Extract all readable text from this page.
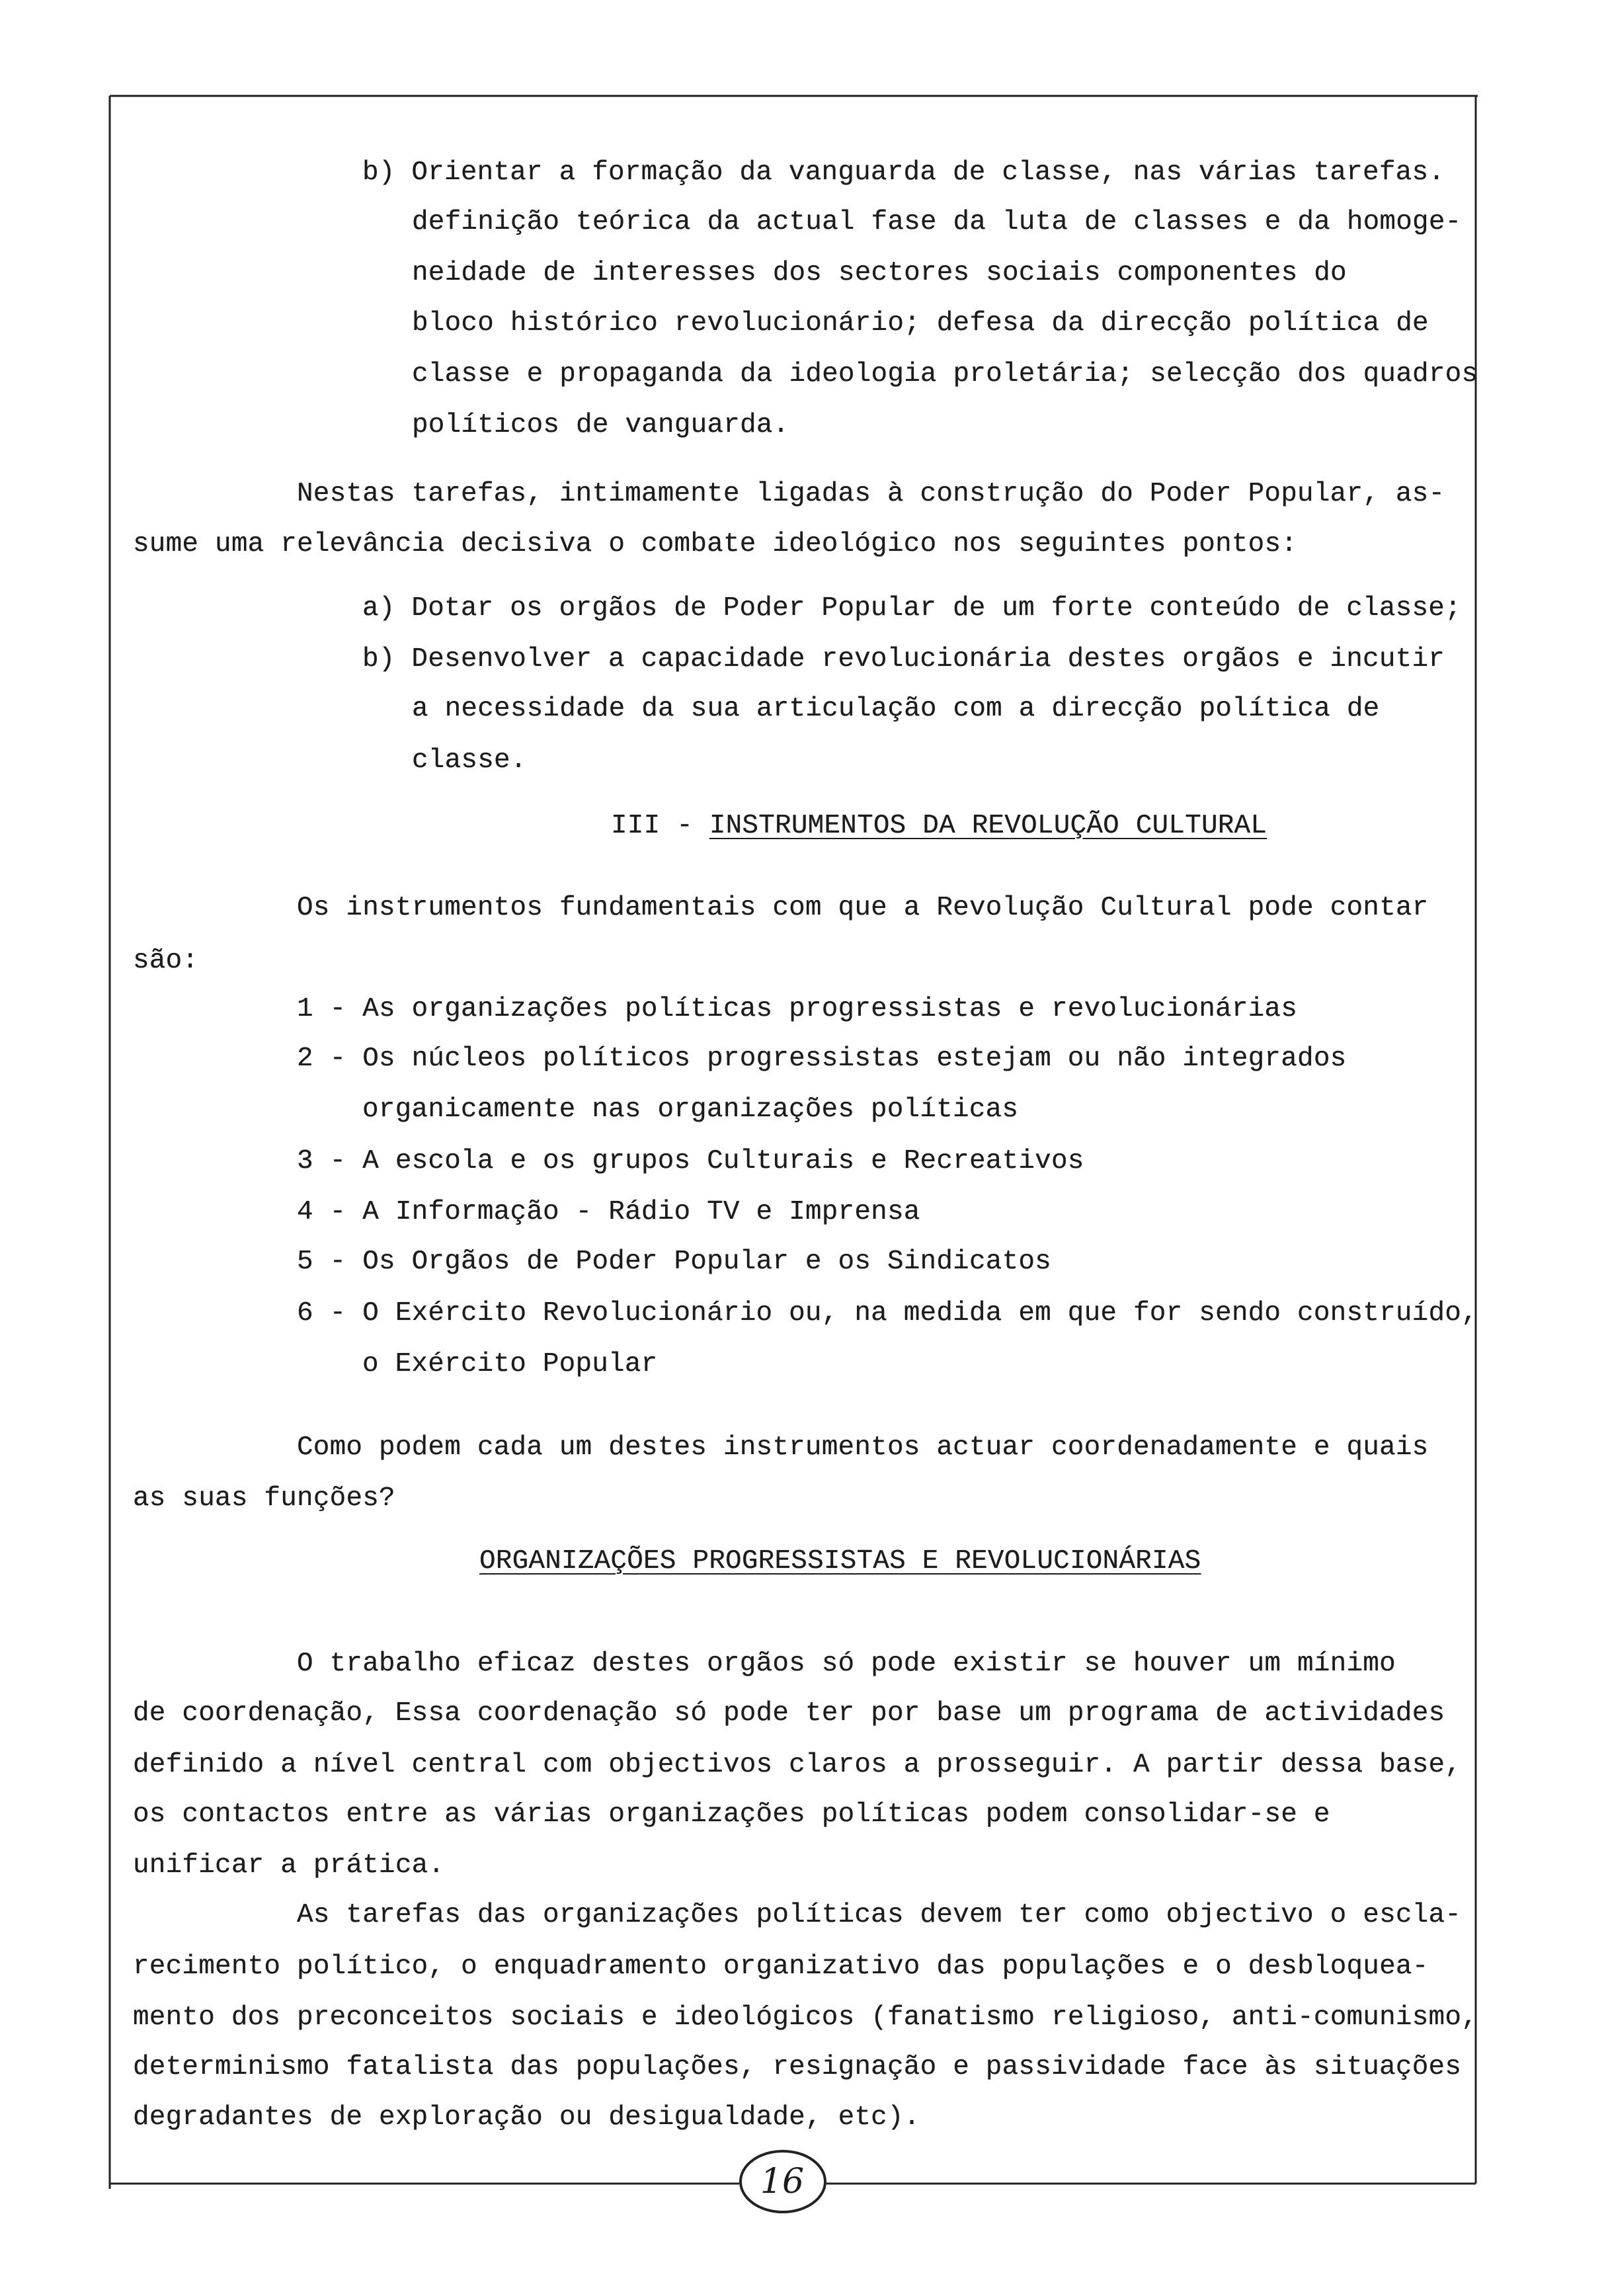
b) Orientar a formação da vanguarda de classe, nas várias tarefas.
definição teórica da actual fase da luta de classes e da homoge-
neidade de interesses dos sectores sociais componentes do
bloco histórico revolucionário; defesa da direcção política de
classe e propaganda da ideologia proletária; selecção dos quadros
políticos de vanguarda.
Nestas tarefas, intimamente ligadas à construção do Poder Popular, as-
sume uma relevância decisiva o combate ideológico nos seguintes pontos:
a) Dotar os orgãos de Poder Popular de um forte conteúdo de classe;
b) Desenvolver a capacidade revolucionária destes orgãos e incutir
a necessidade da sua articulação com a direcção política de
classe.
III - INSTRUMENTOS DA REVOLUÇÃO CULTURAL
Os instrumentos fundamentais com que a Revolução Cultural pode contar
são:
1 - As organizações políticas progressistas e revolucionárias
2 - Os núcleos políticos progressistas estejam ou não integrados
organicamente nas organizações políticas
3 - A escola e os grupos Culturais e Recreativos
4 - A Informação - Rádio TV e Imprensa
5 - Os Orgãos de Poder Popular e os Sindicatos
6 - O Exército Revolucionário ou, na medida em que for sendo construído,
o Exército Popular
Como podem cada um destes instrumentos actuar coordenadamente e quais
as suas funções?
ORGANIZAÇÕES PROGRESSISTAS E REVOLUCIONÁRIAS
O trabalho eficaz destes orgãos só pode existir se houver um mínimo
de coordenação, Essa coordenação só pode ter por base um programa de actividades
definido a nível central com objectivos claros a prosseguir. A partir dessa base,
os contactos entre as várias organizações políticas podem consolidar-se e
unificar a prática.
As tarefas das organizações políticas devem ter como objectivo o escla-
recimento político, o enquadramento organizativo das populações e o desbloquea-
mento dos preconceitos sociais e ideológicos (fanatismo religioso, anti-comunismo,
determinismo fatalista das populações, resignação e passividade face às situações
degradantes de exploração ou desigualdade, etc).
16
